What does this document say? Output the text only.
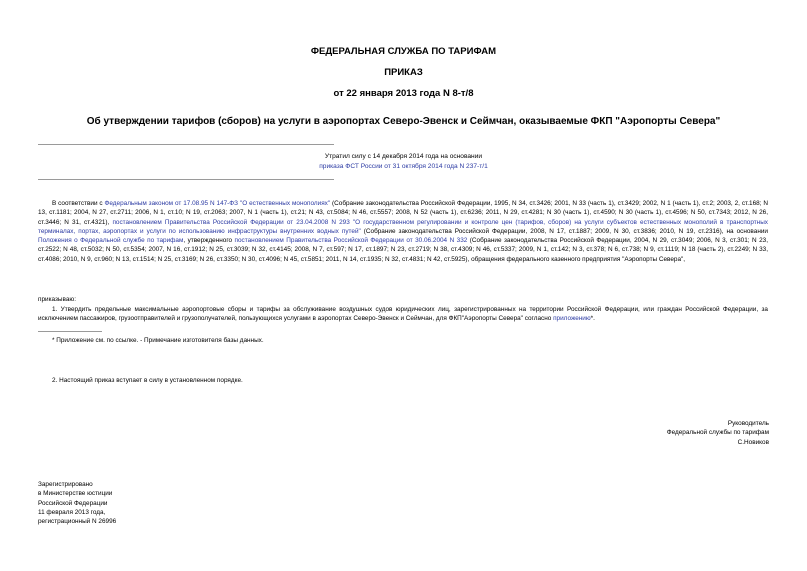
ФЕДЕРАЛЬНАЯ СЛУЖБА ПО ТАРИФАМ
ПРИКАЗ
от 22 января 2013 года N 8-т/8
Об утверждении тарифов (сборов) на услуги в аэропортах Северо-Эвенск и Сеймчан, оказываемые ФКП "Аэропорты Севера"
Утратил силу с 14 декабря 2014 года на основании
приказа ФСТ России от 31 октября 2014 года N 237-т/1
В соответствии с Федеральным законом от 17.08.95 N 147-ФЗ "О естественных монополиях" (Собрание законодательства Российской Федерации, 1995, N 34, ст.3426; 2001, N 33 (часть 1), ст.3429; 2002, N 1 (часть 1), ст.2; 2003, 2, ст.168; N 13, ст.1181; 2004, N 27, ст.2711; 2006, N 1, ст.10; N 19, ст.2063; 2007, N 1 (часть 1), ст.21; N 43, ст.5084; N 46, ст.5557; 2008, N 52 (часть 1), ст.6236; 2011, N 29, ст.4281; N 30 (часть 1), ст.4590; N 30 (часть 1), ст.4596; N 50, ст.7343; 2012, N 26, ст.3446; N 31, ст.4321), постановлением Правительства Российской Федерации от 23.04.2008 N 293 "О государственном регулировании и контроле цен (тарифов, сборов) на услуги субъектов естественных монополий в транспортных терминалах, портах, аэропортах и услуги по использованию инфраструктуры внутренних водных путей" (Собрание законодательства Российской Федерации, 2008, N 17, ст.1887; 2009, N 30, ст.3836; 2010, N 19, ст.2316), на основании Положения о Федеральной службе по тарифам, утвержденного постановлением Правительства Российской Федерации от 30.06.2004 N 332 (Собрание законодательства Российской Федерации, 2004, N 29, ст.3049; 2006, N 3, ст.301; N 23, ст.2522; N 48, ст.5032; N 50, ст.5354; 2007, N 16, ст.1912; N 25, ст.3039; N 32, ст.4145; 2008, N 7, ст.597; N 17, ст.1897; N 23, ст.2719; N 38, ст.4309; N 46, ст.5337; 2009, N 1, ст.142; N 3, ст.378; N 6, ст.738; N 9, ст.1119; N 18 (часть 2), ст.2249; N 33, ст.4086; 2010, N 9, ст.960; N 13, ст.1514; N 25, ст.3169; N 26, ст.3350; N 30, ст.4096; N 45, ст.5851; 2011, N 14, ст.1935; N 32, ст.4831; N 42, ст.5925), обращения федерального казенного предприятия "Аэропорты Севера",
приказываю:
1. Утвердить предельные максимальные аэропортовые сборы и тарифы за обслуживание воздушных судов юридических лиц, зарегистрированных на территории Российской Федерации, или граждан Российской Федерации, за исключением пассажиров, грузоотправителей и грузополучателей, пользующихся услугами в аэропортах Северо-Эвенск и Сеймчан, для ФКП"Аэропорты Севера" согласно приложению*.
* Приложение см. по ссылке. - Примечание изготовителя базы данных.
2. Настоящий приказ вступает в силу в установленном порядке.
Руководитель
Федеральной службы по тарифам
С.Новиков
Зарегистрировано
в Министерстве юстиции
Российской Федерации
11 февраля 2013 года,
регистрационный N 26996
